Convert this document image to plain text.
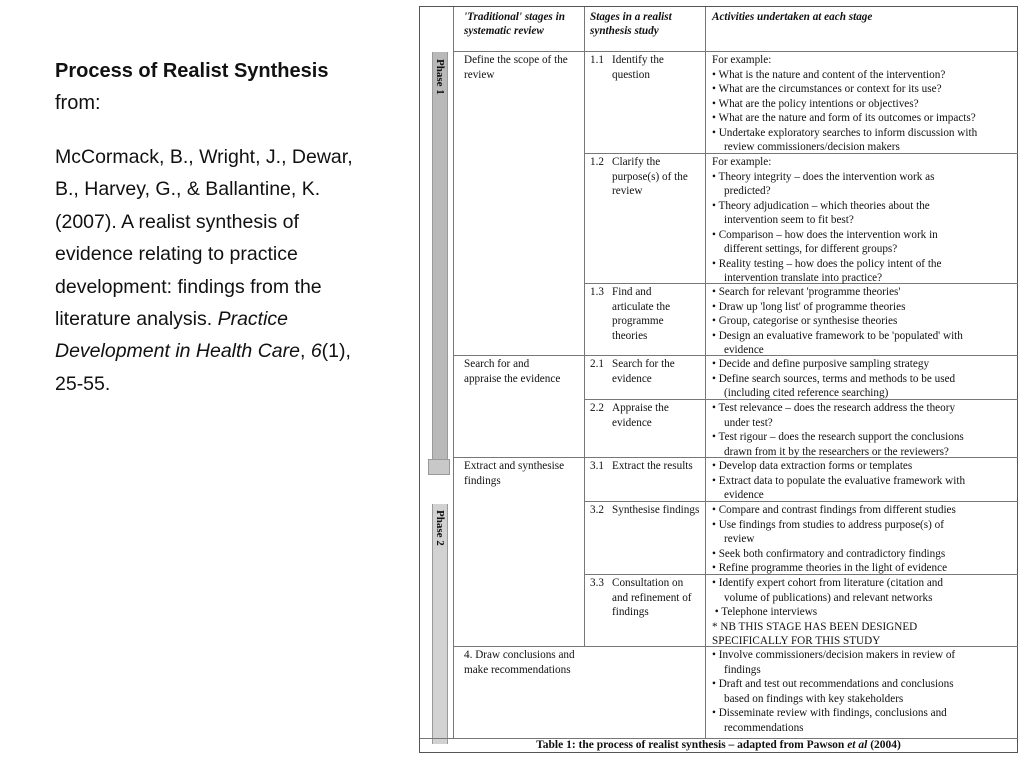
Process of Realist Synthesis
from:
McCormack, B., Wright, J., Dewar,
B., Harvey, G., & Ballantine, K.
(2007). A realist synthesis of
evidence relating to practice
development: findings from the
literature analysis. Practice
Development in Health Care, 6(1),
25-55.
Phase 1
Phase 2
'Traditional' stages in systematic review
Stages in a realist synthesis study
Activities undertaken at each stage
Define the scope of the review
Search for and appraise the evidence
Extract and synthesise findings
4. Draw conclusions and make recommendations
1.1 Identify the question
1.2 Clarify the purpose(s) of the review
1.3 Find and articulate the programme theories
2.1 Search for the evidence
2.2 Appraise the evidence
3.1 Extract the results
3.2 Synthesise findings
3.3 Consultation on and refinement of findings
For example:
• What is the nature and content of the intervention?
• What are the circumstances or context for its use?
• What are the policy intentions or objectives?
• What are the nature and form of its outcomes or impacts?
• Undertake exploratory searches to inform discussion with
review commissioners/decision makers
For example:
• Theory integrity – does the intervention work as
predicted?
• Theory adjudication – which theories about the
intervention seem to fit best?
• Comparison – how does the intervention work in
different settings, for different groups?
• Reality testing – how does the policy intent of the
intervention translate into practice?
• Search for relevant 'programme theories'
• Draw up 'long list' of programme theories
• Group, categorise or synthesise theories
• Design an evaluative framework to be 'populated' with
evidence
• Decide and define purposive sampling strategy
• Define search sources, terms and methods to be used
(including cited reference searching)
• Test relevance – does the research address the theory
under test?
• Test rigour – does the research support the conclusions
drawn from it by the researchers or the reviewers?
• Develop data extraction forms or templates
• Extract data to populate the evaluative framework with
evidence
• Compare and contrast findings from different studies
• Use findings from studies to address purpose(s) of
review
• Seek both confirmatory and contradictory findings
• Refine programme theories in the light of evidence
• Identify expert cohort from literature (citation and
volume of publications) and relevant networks
• Telephone interviews
* NB THIS STAGE HAS BEEN DESIGNED
SPECIFICALLY FOR THIS STUDY
• Involve commissioners/decision makers in review of
findings
• Draft and test out recommendations and conclusions
based on findings with key stakeholders
• Disseminate review with findings, conclusions and
recommendations
Table 1: the process of realist synthesis – adapted from Pawson et al (2004)
